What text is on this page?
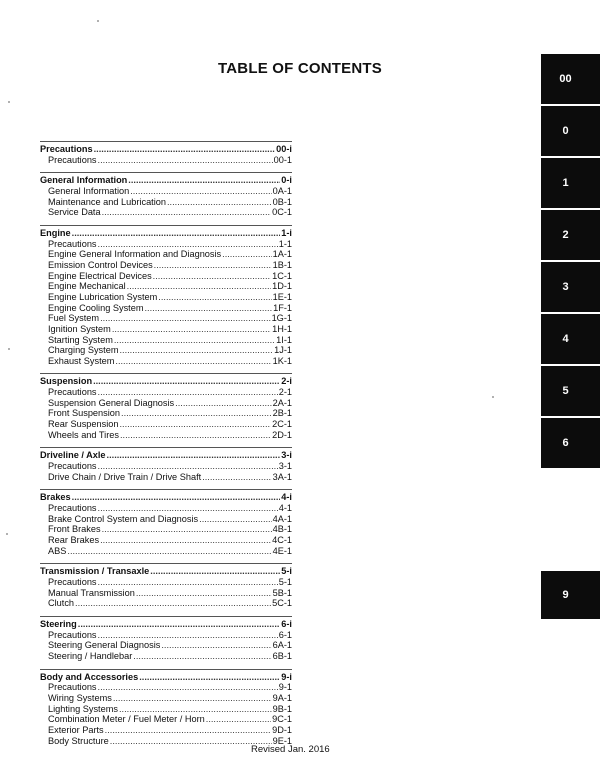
TABLE OF CONTENTS
Precautions .....	00-i
Precautions .....	00-1
General Information .....	0-i
General Information .....	0A-1
Maintenance and Lubrication .....	0B-1
Service Data .....	0C-1
Engine .....	1-i
Precautions .....	1-1
Engine General Information and Diagnosis .....	1A-1
Emission Control Devices .....	1B-1
Engine Electrical Devices .....	1C-1
Engine Mechanical .....	1D-1
Engine Lubrication System .....	1E-1
Engine Cooling System .....	1F-1
Fuel System .....	1G-1
Ignition System .....	1H-1
Starting System .....	1I-1
Charging System .....	1J-1
Exhaust System .....	1K-1
Suspension .....	2-i
Precautions .....	2-1
Suspension General Diagnosis .....	2A-1
Front Suspension .....	2B-1
Rear Suspension .....	2C-1
Wheels and Tires .....	2D-1
Driveline / Axle .....	3-i
Precautions .....	3-1
Drive Chain / Drive Train / Drive Shaft .....	3A-1
Brakes .....	4-i
Precautions .....	4-1
Brake Control System and Diagnosis .....	4A-1
Front Brakes .....	4B-1
Rear Brakes .....	4C-1
ABS .....	4E-1
Transmission / Transaxle .....	5-i
Precautions .....	5-1
Manual Transmission .....	5B-1
Clutch .....	5C-1
Steering .....	6-i
Precautions .....	6-1
Steering General Diagnosis .....	6A-1
Steering / Handlebar .....	6B-1
Body and Accessories .....	9-i
Precautions .....	9-1
Wiring Systems .....	9A-1
Lighting Systems .....	9B-1
Combination Meter / Fuel Meter / Horn .....	9C-1
Exterior Parts .....	9D-1
Body Structure .....	9E-1
00
0
1
2
3
4
5
6
9
Revised Jan. 2016
